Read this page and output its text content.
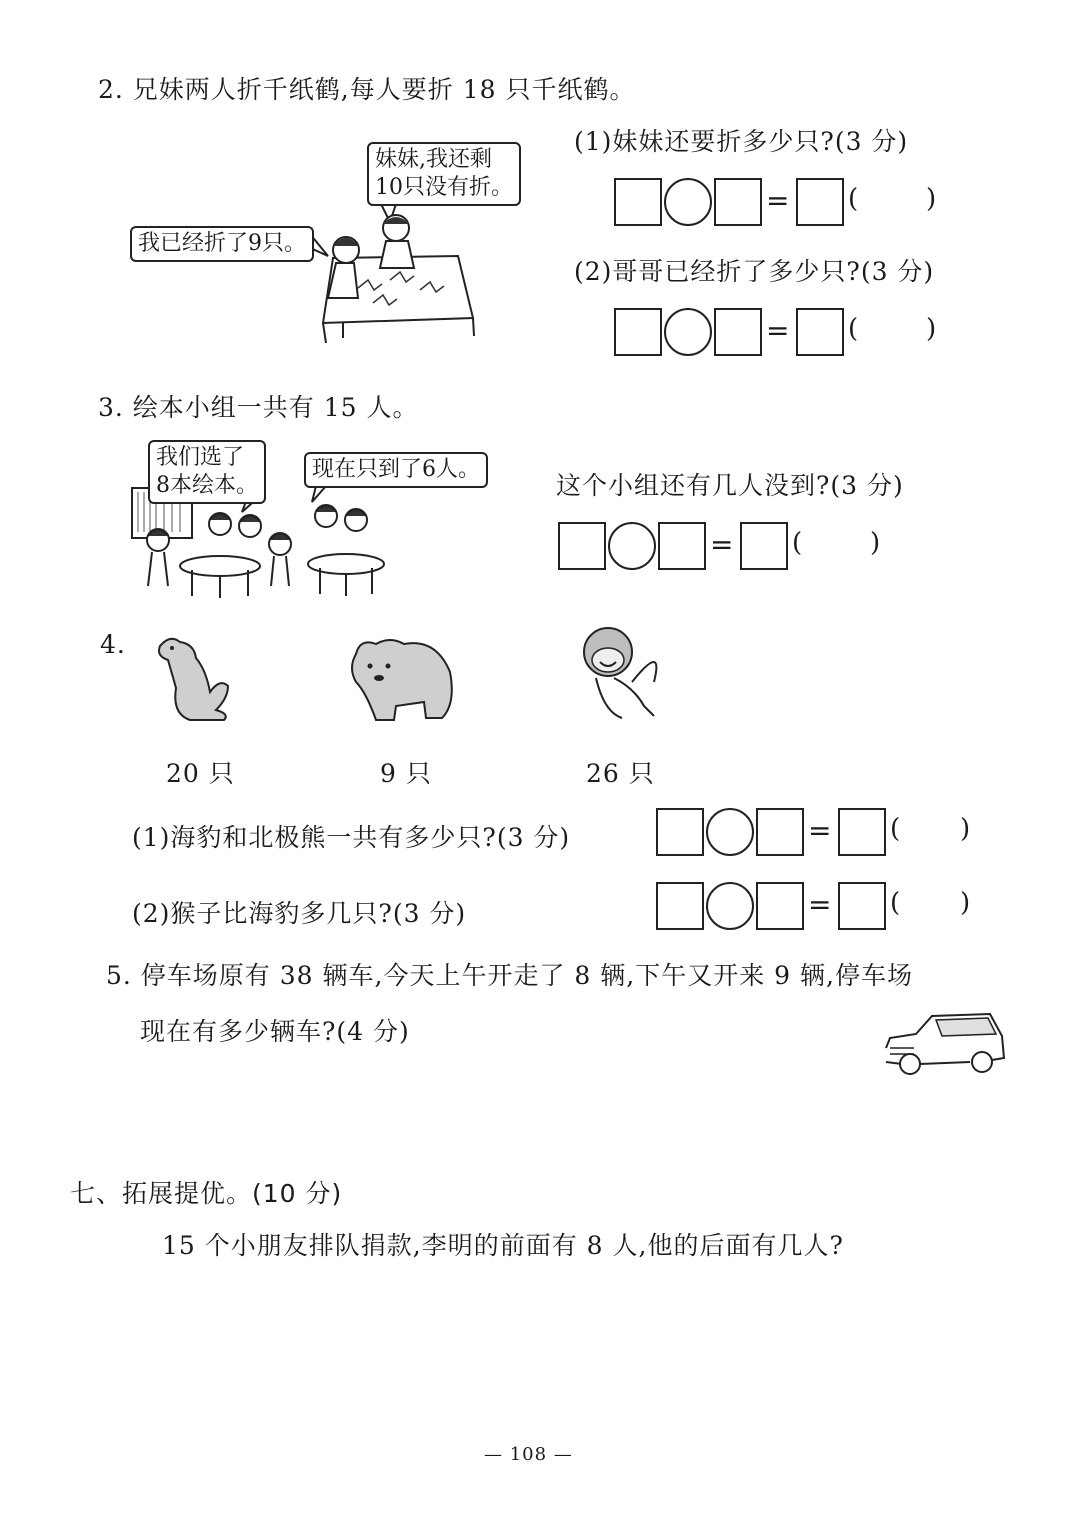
2. 兄妹两人折千纸鹤,每人要折 18 只千纸鹤。
妹妹,我还剩
10只没有折。
我已经折了9只。
(1)妹妹还要折多少只?(3 分)
= (	)
(2)哥哥已经折了多少只?(3 分)
= (	)
3. 绘本小组一共有 15 人。
我们选了
8本绘本。
现在只到了6人。
这个小组还有几人没到?(3 分)
= (	)
4.
20 只	9 只	26 只
(1)海豹和北极熊一共有多少只?(3 分)	= ( )
(2)猴子比海豹多几只?(3 分)	= ( )
5. 停车场原有 38 辆车,今天上午开走了 8 辆,下午又开来 9 辆,停车场
现在有多少辆车?(4 分)
七、拓展提优。(10 分)
15 个小朋友排队捐款,李明的前面有 8 人,他的后面有几人?
— 108 —
